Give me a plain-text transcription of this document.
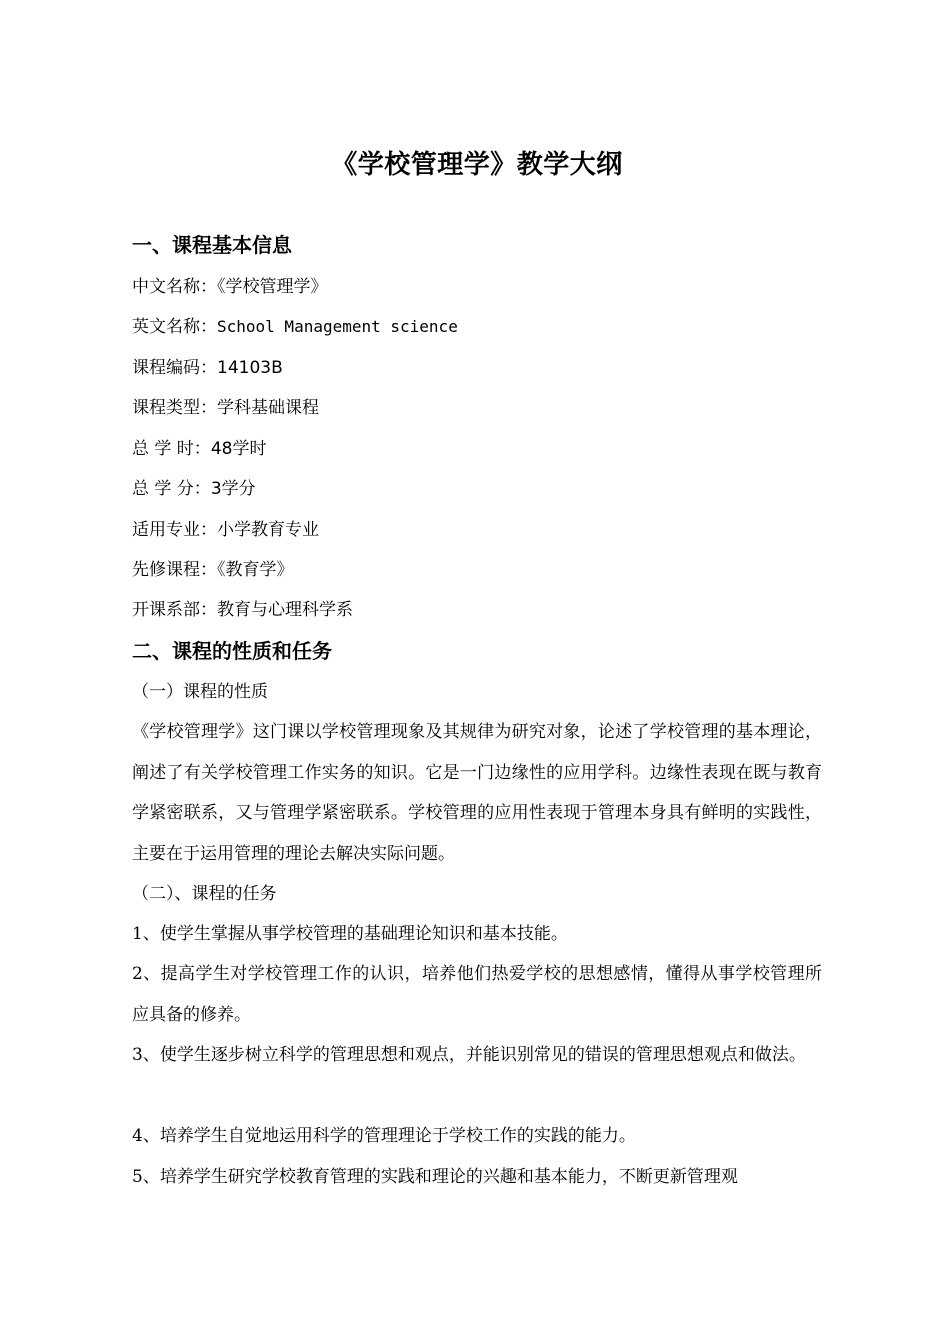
《学校管理学》教学大纲
一、课程基本信息
中文名称：《学校管理学》
英文名称：School Management science
课程编码：14103B
课程类型：学科基础课程
总 学 时：48学时
总 学 分：3学分
适用专业：小学教育专业
先修课程：《教育学》
开课系部：教育与心理科学系
二、课程的性质和任务
（一）课程的性质
《学校管理学》这门课以学校管理现象及其规律为研究对象，论述了学校管理的基本理论，阐述了有关学校管理工作实务的知识。它是一门边缘性的应用学科。边缘性表现在既与教育学紧密联系，又与管理学紧密联系。学校管理的应用性表现于管理本身具有鲜明的实践性，主要在于运用管理的理论去解决实际问题。
（二）、课程的任务
1、使学生掌握从事学校管理的基础理论知识和基本技能。
2、提高学生对学校管理工作的认识，培养他们热爱学校的思想感情，懂得从事学校管理所应具备的修养。
3、使学生逐步树立科学的管理思想和观点，并能识别常见的错误的管理思想观点和做法。
4、培养学生自觉地运用科学的管理理论于学校工作的实践的能力。
5、培养学生研究学校教育管理的实践和理论的兴趣和基本能力，不断更新管理观
